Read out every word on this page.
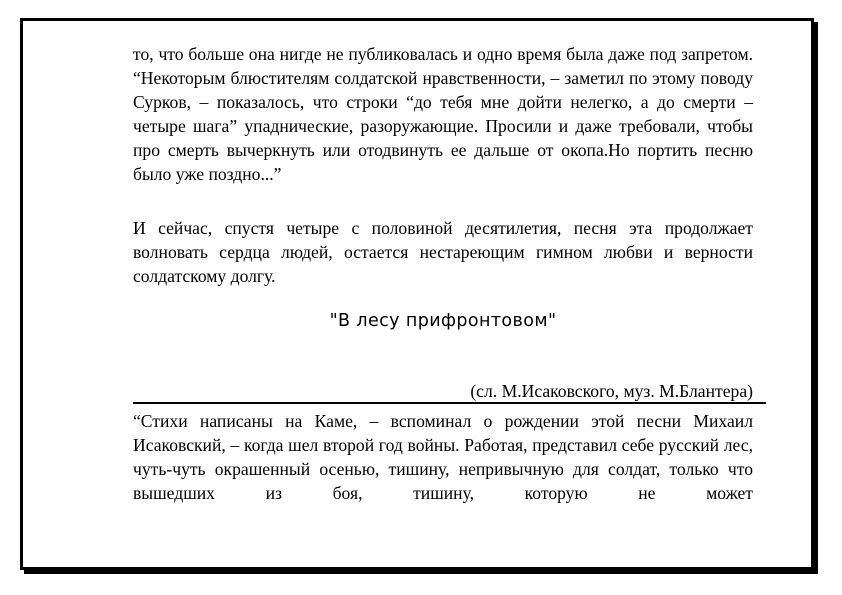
то, что больше она нигде не публиковалась и одно время была даже под запретом. “Некоторым блюстителям солдатской нравственности, – заметил по этому поводу Сурков, – показалось, что строки “до тебя мне дойти нелегко, а до смерти – четыре шага” упаднические, разоружающие. Просили и даже требовали, чтобы про смерть вычеркнуть или отодвинуть ее дальше от окопа.Но портить песню было уже поздно...”

И сейчас, спустя четыре с половиной десятилетия, песня эта продолжает волновать сердца людей, остается нестареющим гимном любви и верности солдатскому долгу.

"В лесу прифронтовом"
(сл. М.Исаковского, муз. М.Блантера)

“Стихи написаны на Каме, – вспоминал о рождении этой песни Михаил Исаковский, – когда шел второй год войны. Работая, представил себе русский лес, чуть-чуть окрашенный осенью, тишину, непривычную для солдат, только что вышедших из боя, тишину, которую не может
